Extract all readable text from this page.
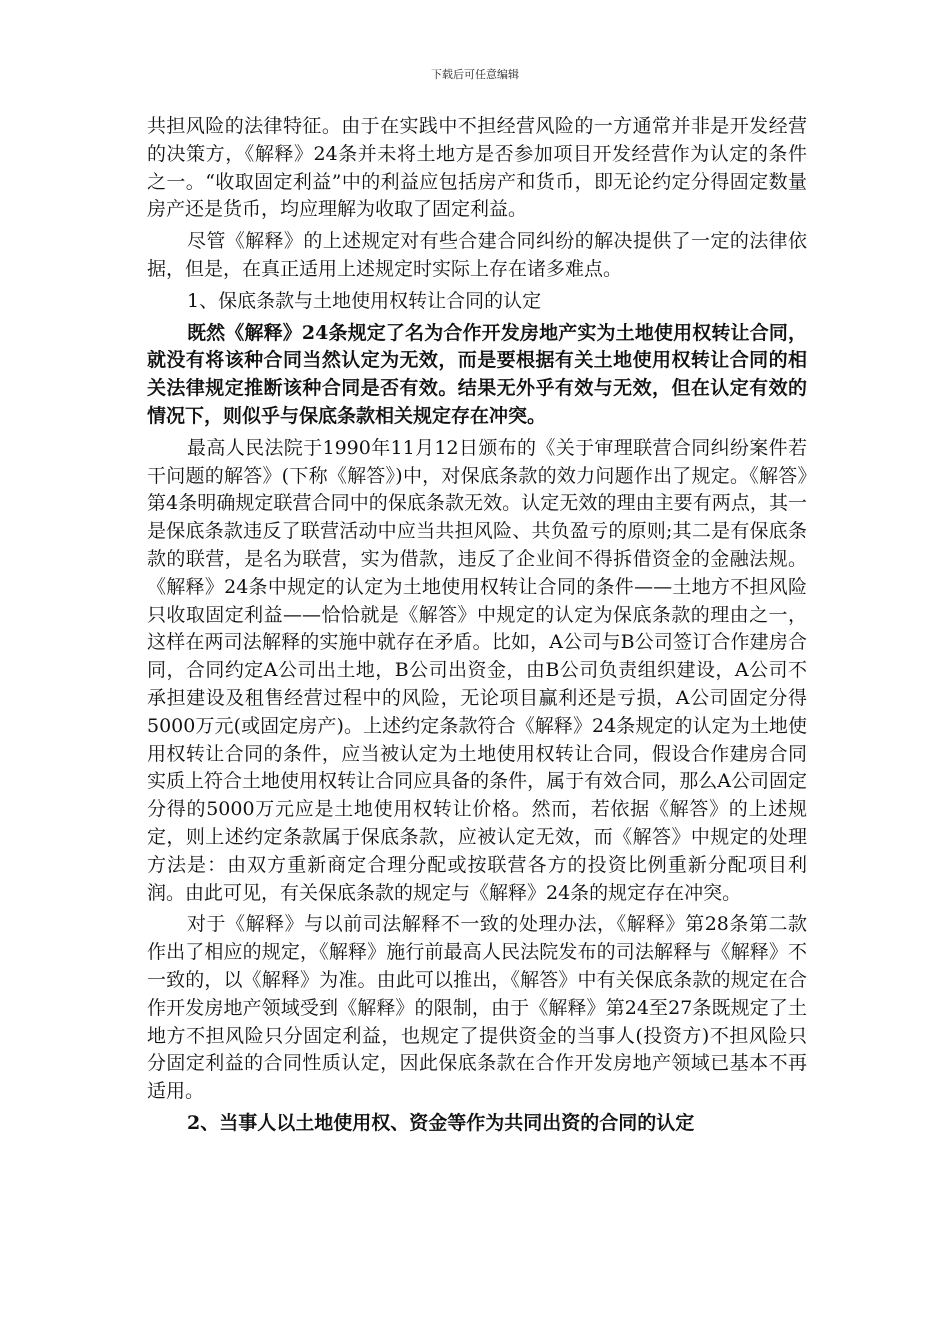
下载后可任意编辑

共担风险的法律特征。由于在实践中不担经营风险的一方通常并非是开发经营的决策方，《解释》24条并未将土地方是否参加项目开发经营作为认定的条件之一。“收取固定利益”中的利益应包括房产和货币，即无论约定分得固定数量房产还是货币，均应理解为收取了固定利益。

尽管《解释》的上述规定对有些合建合同纠纷的解决提供了一定的法律依据，但是，在真正适用上述规定时实际上存在诸多难点。

1、保底条款与土地使用权转让合同的认定

既然《解释》24条规定了名为合作开发房地产实为土地使用权转让合同，就没有将该种合同当然认定为无效，而是要根据有关土地使用权转让合同的相关法律规定推断该种合同是否有效。结果无外乎有效与无效，但在认定有效的情况下，则似乎与保底条款相关规定存在冲突。

最高人民法院于1990年11月12日颁布的《关于审理联营合同纠纷案件若干问题的解答》(下称《解答》)中，对保底条款的效力问题作出了规定。《解答》第4条明确规定联营合同中的保底条款无效。认定无效的理由主要有两点，其一是保底条款违反了联营活动中应当共担风险、共负盈亏的原则;其二是有保底条款的联营，是名为联营，实为借款，违反了企业间不得拆借资金的金融法规。《解释》24条中规定的认定为土地使用权转让合同的条件——土地方不担风险只收取固定利益——恰恰就是《解答》中规定的认定为保底条款的理由之一，这样在两司法解释的实施中就存在矛盾。比如，A公司与B公司签订合作建房合同，合同约定A公司出土地，B公司出资金，由B公司负责组织建设，A公司不承担建设及租售经营过程中的风险，无论项目赢利还是亏损，A公司固定分得5000万元(或固定房产)。上述约定条款符合《解释》24条规定的认定为土地使用权转让合同的条件，应当被认定为土地使用权转让合同，假设合作建房合同实质上符合土地使用权转让合同应具备的条件，属于有效合同，那么A公司固定分得的5000万元应是土地使用权转让价格。然而，若依据《解答》的上述规定，则上述约定条款属于保底条款，应被认定无效，而《解答》中规定的处理方法是：由双方重新商定合理分配或按联营各方的投资比例重新分配项目利润。由此可见，有关保底条款的规定与《解释》24条的规定存在冲突。

对于《解释》与以前司法解释不一致的处理办法，《解释》第28条第二款作出了相应的规定，《解释》施行前最高人民法院发布的司法解释与《解释》不一致的，以《解释》为准。由此可以推出，《解答》中有关保底条款的规定在合作开发房地产领域受到《解释》的限制，由于《解释》第24至27条既规定了土地方不担风险只分固定利益，也规定了提供资金的当事人(投资方)不担风险只分固定利益的合同性质认定，因此保底条款在合作开发房地产领域已基本不再适用。

2、当事人以土地使用权、资金等作为共同出资的合同的认定
